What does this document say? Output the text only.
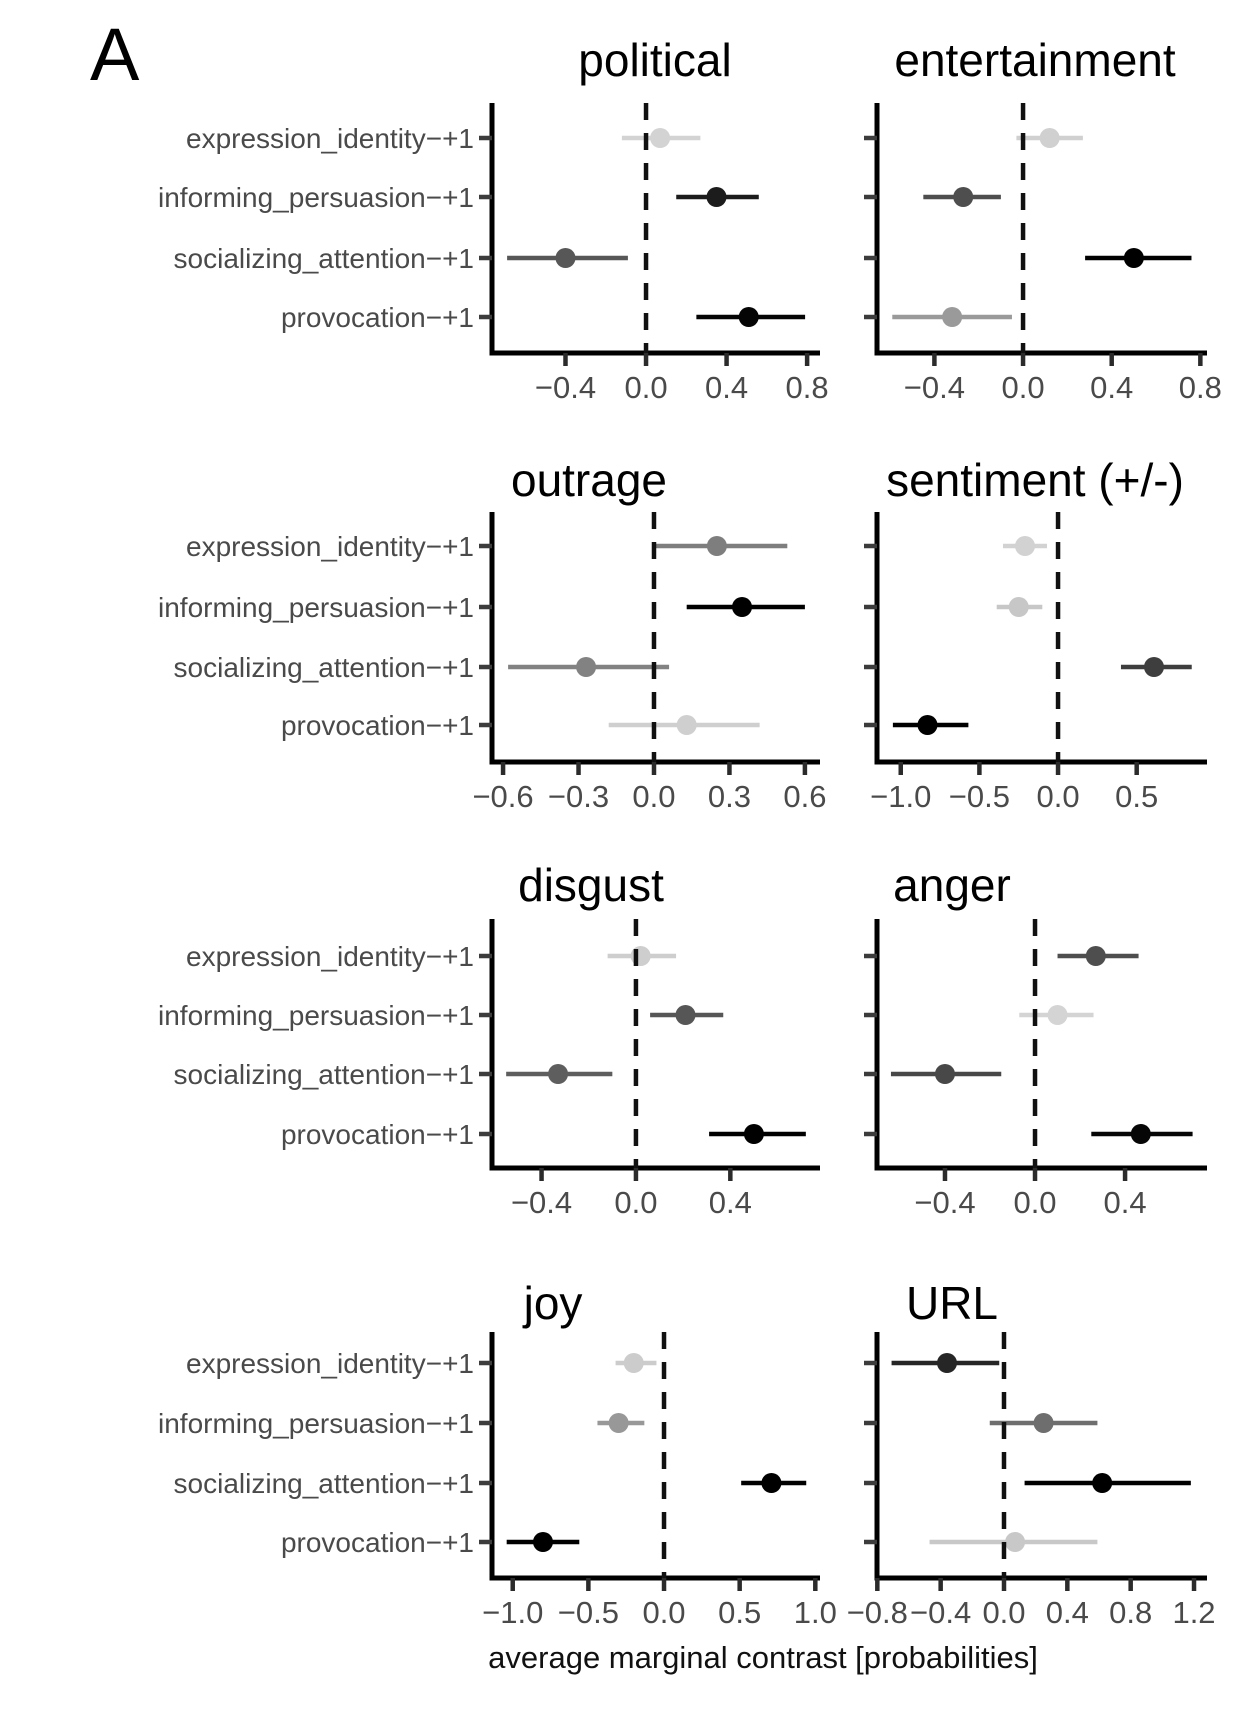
A	political
−0.4 0.0 0.4 0.8
expression_identity−+1
informing_persuasion−+1
socializing_attention−+1
provocation−+1
entertainment
−0.4 0.0 0.4 0.8
outrage
−0.6 −0.3 0.0 0.3 0.6
expression_identity−+1
informing_persuasion−+1
socializing_attention−+1
provocation−+1
sentiment (+/-)
−1.0 −0.5 0.0 0.5
disgust
−0.4 0.0 0.4
expression_identity−+1
informing_persuasion−+1
socializing_attention−+1
provocation−+1
anger
−0.4 0.0 0.4
joy
−1.0 −0.5 0.0 0.5 1.0
expression_identity−+1
informing_persuasion−+1
socializing_attention−+1
provocation−+1
URL
−0.8 −0.4 0.0 0.4 0.8 1.2
average marginal contrast [probabilities]
